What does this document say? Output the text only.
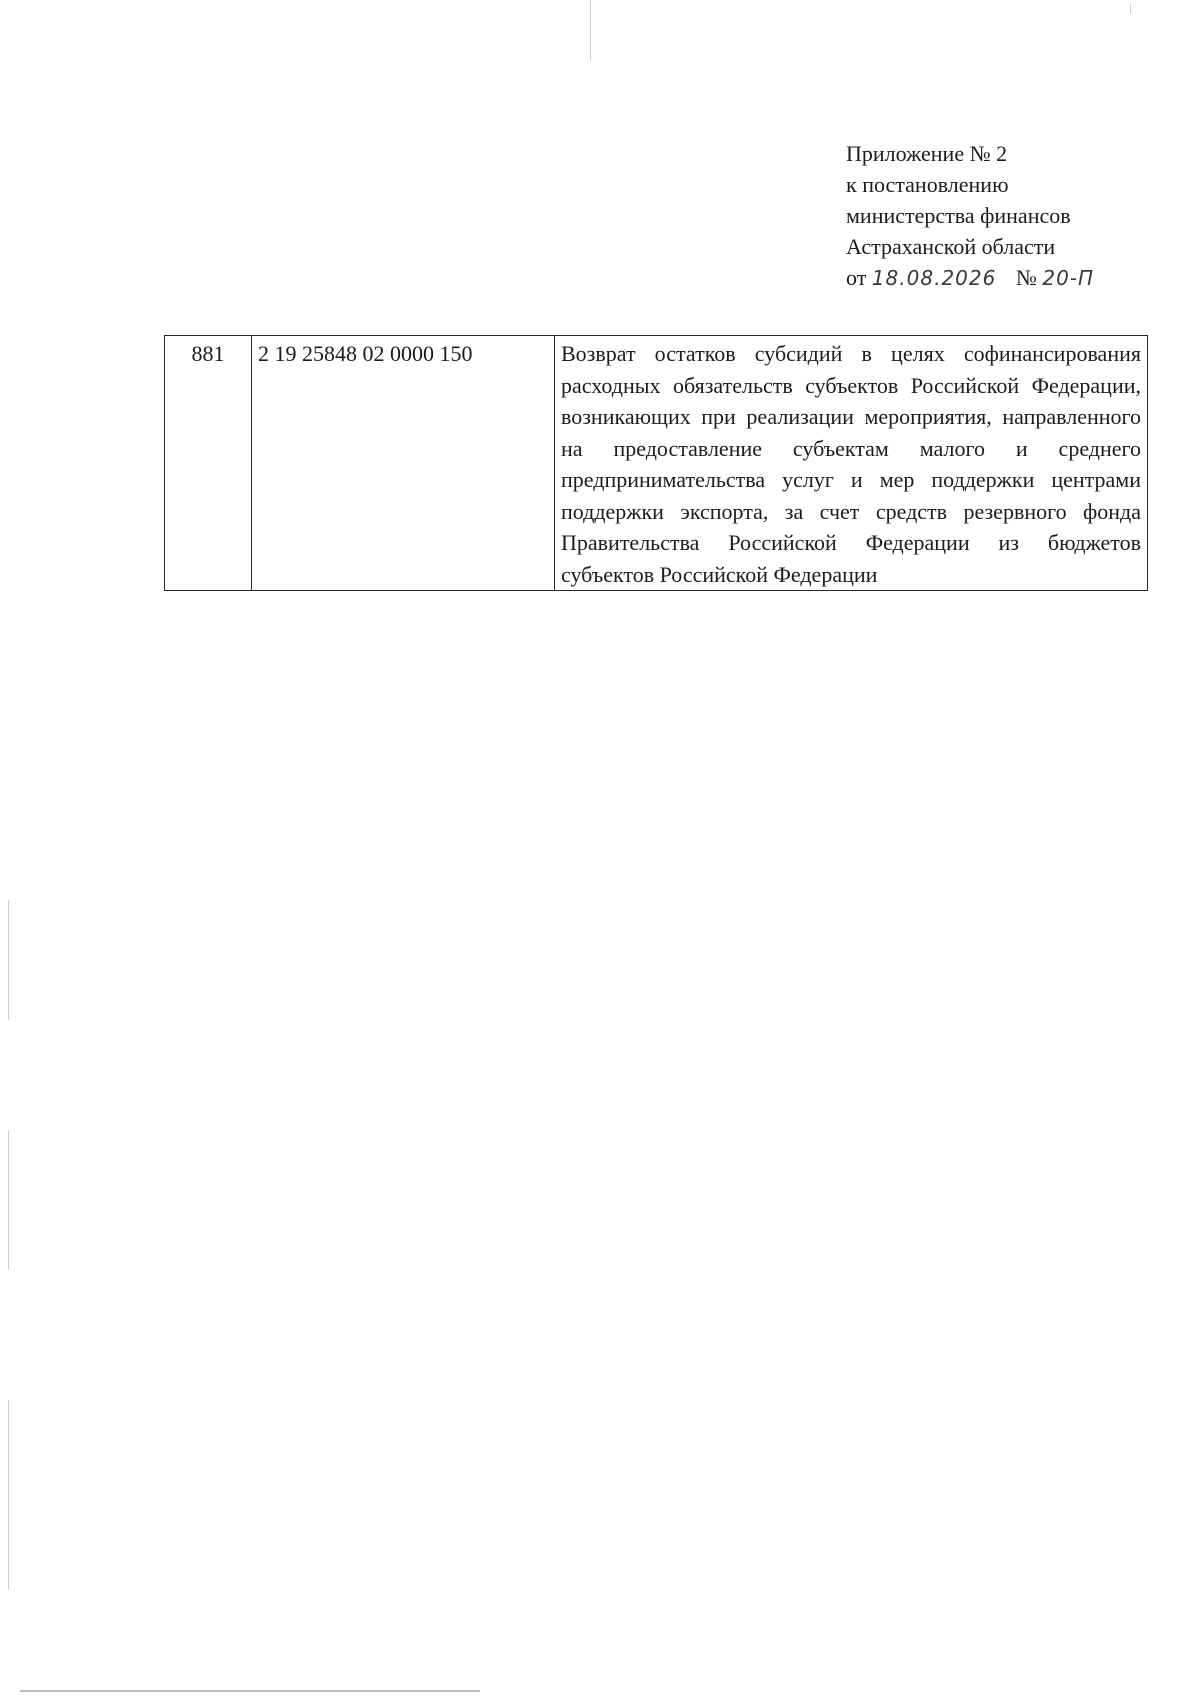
Приложение № 2
к постановлению
министерства финансов
Астраханской области
от 18.08.2026 № 20-П
881	2 19 25848 02 0000 150	Возврат остатков субсидий в целях софинансирования расходных обязательств субъектов Российской Федерации, возникающих при реализации мероприятия, направленного на предоставление субъектам малого и среднего предпринимательства услуг и мер поддержки центрами поддержки экспорта, за счет средств резервного фонда Правительства Российской Федерации из бюджетов субъектов Российской Федерации
